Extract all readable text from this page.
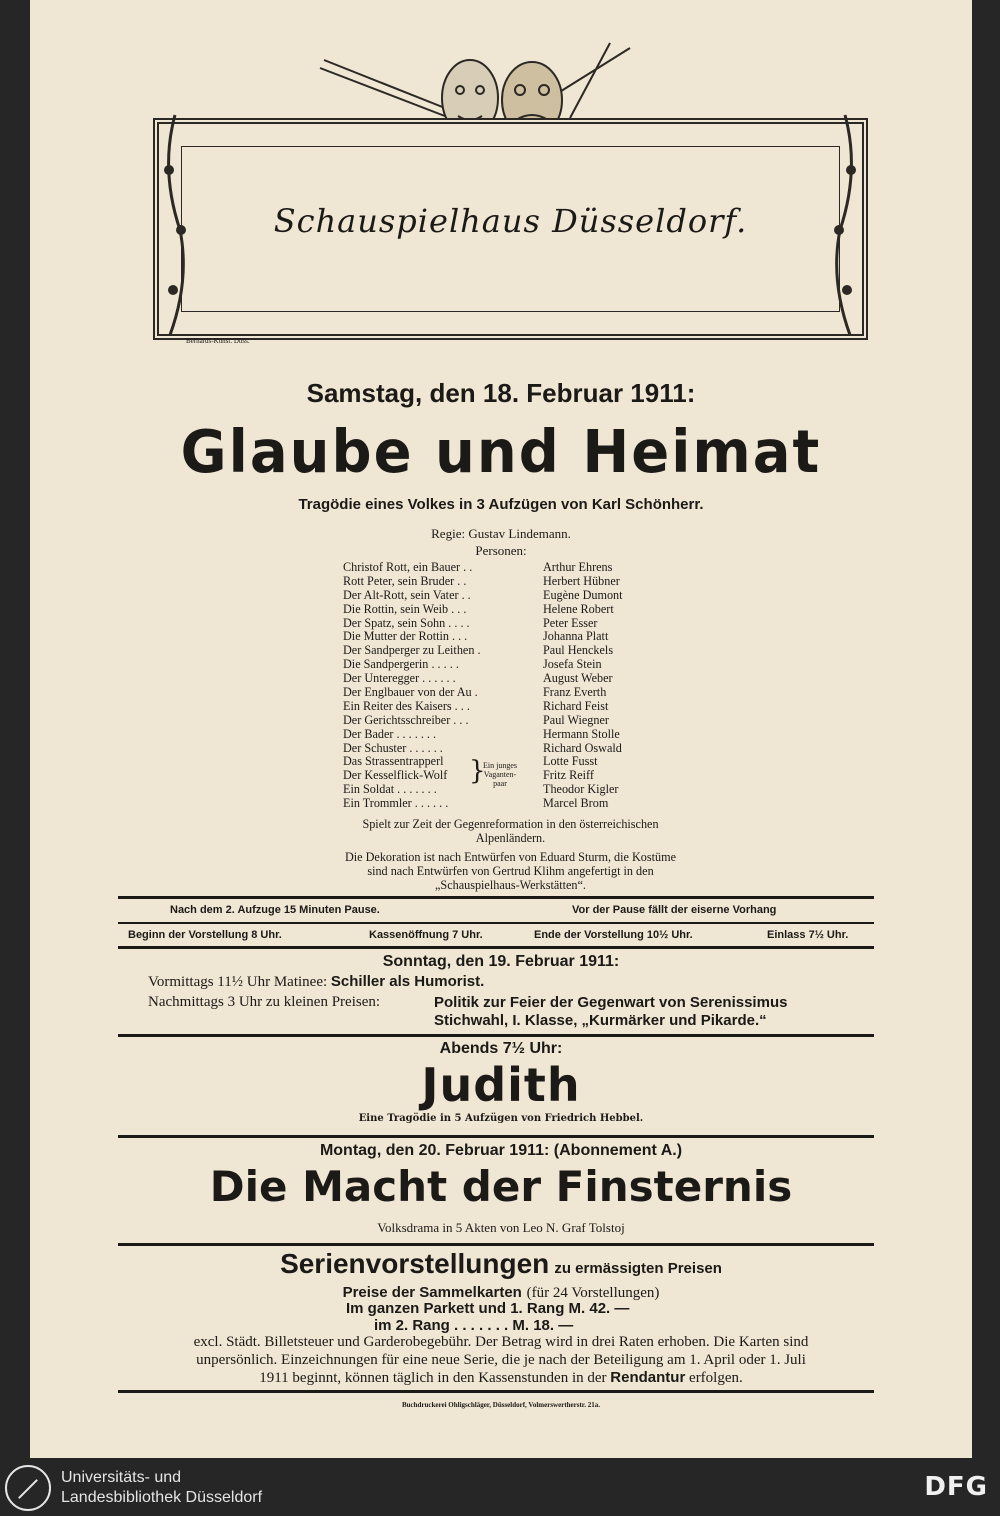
Schauspielhaus Düsseldorf.
Bernards-Kunst. Düss.
Samstag, den 18. Februar 1911:
Glaube und Heimat
Tragödie eines Volkes in 3 Aufzügen von Karl Schönherr.
Regie: Gustav Lindemann.
Personen:
Christof Rott, ein Bauer . .	Arthur Ehrens
Rott Peter, sein Bruder . .	Herbert Hübner
Der Alt-Rott, sein Vater . .	Eugène Dumont
Die Rottin, sein Weib . . .	Helene Robert
Der Spatz, sein Sohn . . . .	Peter Esser
Die Mutter der Rottin . . .	Johanna Platt
Der Sandperger zu Leithen .	Paul Henckels
Die Sandpergerin . . . . .	Josefa Stein
Der Unteregger . . . . . .	August Weber
Der Englbauer von der Au .	Franz Everth
Ein Reiter des Kaisers . . .	Richard Feist
Der Gerichtsschreiber . . .	Paul Wiegner
Der Bader . . . . . . .	Hermann Stolle
Der Schuster . . . . . .	Richard Oswald
Das Strassentrapperl	Lotte Fusst
Der Kesselflick-Wolf	Fritz Reiff
Ein Soldat . . . . . . .	Theodor Kigler
Ein Trommler . . . . . .	Marcel Brom
}
Ein junges Vaganten- paar
Spielt zur Zeit der Gegenreformation in den österreichischen Alpenländern.
Die Dekoration ist nach Entwürfen von Eduard Sturm, die Kostüme sind nach Entwürfen von Gertrud Klihm angefertigt in den „Schauspielhaus-Werkstätten“.
Nach dem 2. Aufzuge 15 Minuten Pause.	Vor der Pause fällt der eiserne Vorhang
Beginn der Vorstellung 8 Uhr.	Kassenöffnung 7 Uhr.	Ende der Vorstellung 10½ Uhr.	Einlass 7½ Uhr.
Sonntag, den 19. Februar 1911:
Vormittags 11½ Uhr Matinee: Schiller als Humorist.
Nachmittags 3 Uhr zu kleinen Preisen:	Politik zur Feier der Gegenwart von Serenissimus
Stichwahl, I. Klasse, „Kurmärker und Pikarde.“
Abends 7½ Uhr:
Judith
Eine Tragödie in 5 Aufzügen von Friedrich Hebbel.
Montag, den 20. Februar 1911: (Abonnement A.)
Die Macht der Finsternis
Volksdrama in 5 Akten von Leo N. Graf Tolstoj
Serienvorstellungen zu ermässigten Preisen
Preise der Sammelkarten (für 24 Vorstellungen)
Im ganzen Parkett und 1. Rang M. 42. —
im 2. Rang . . . . . . . M. 18. —
excl. Städt. Billetsteuer und Garderobegebühr. Der Betrag wird in drei Raten erhoben. Die Karten sind
unpersönlich. Einzeichnungen für eine neue Serie, die je nach der Beteiligung am 1. April oder 1. Juli
1911 beginnt, können täglich in den Kassenstunden in der Rendantur erfolgen.
Buchdruckerei Ohligschläger, Düsseldorf, Volmerswertherstr. 21a.
Universitäts- und
Landesbibliothek Düsseldorf	DFG
